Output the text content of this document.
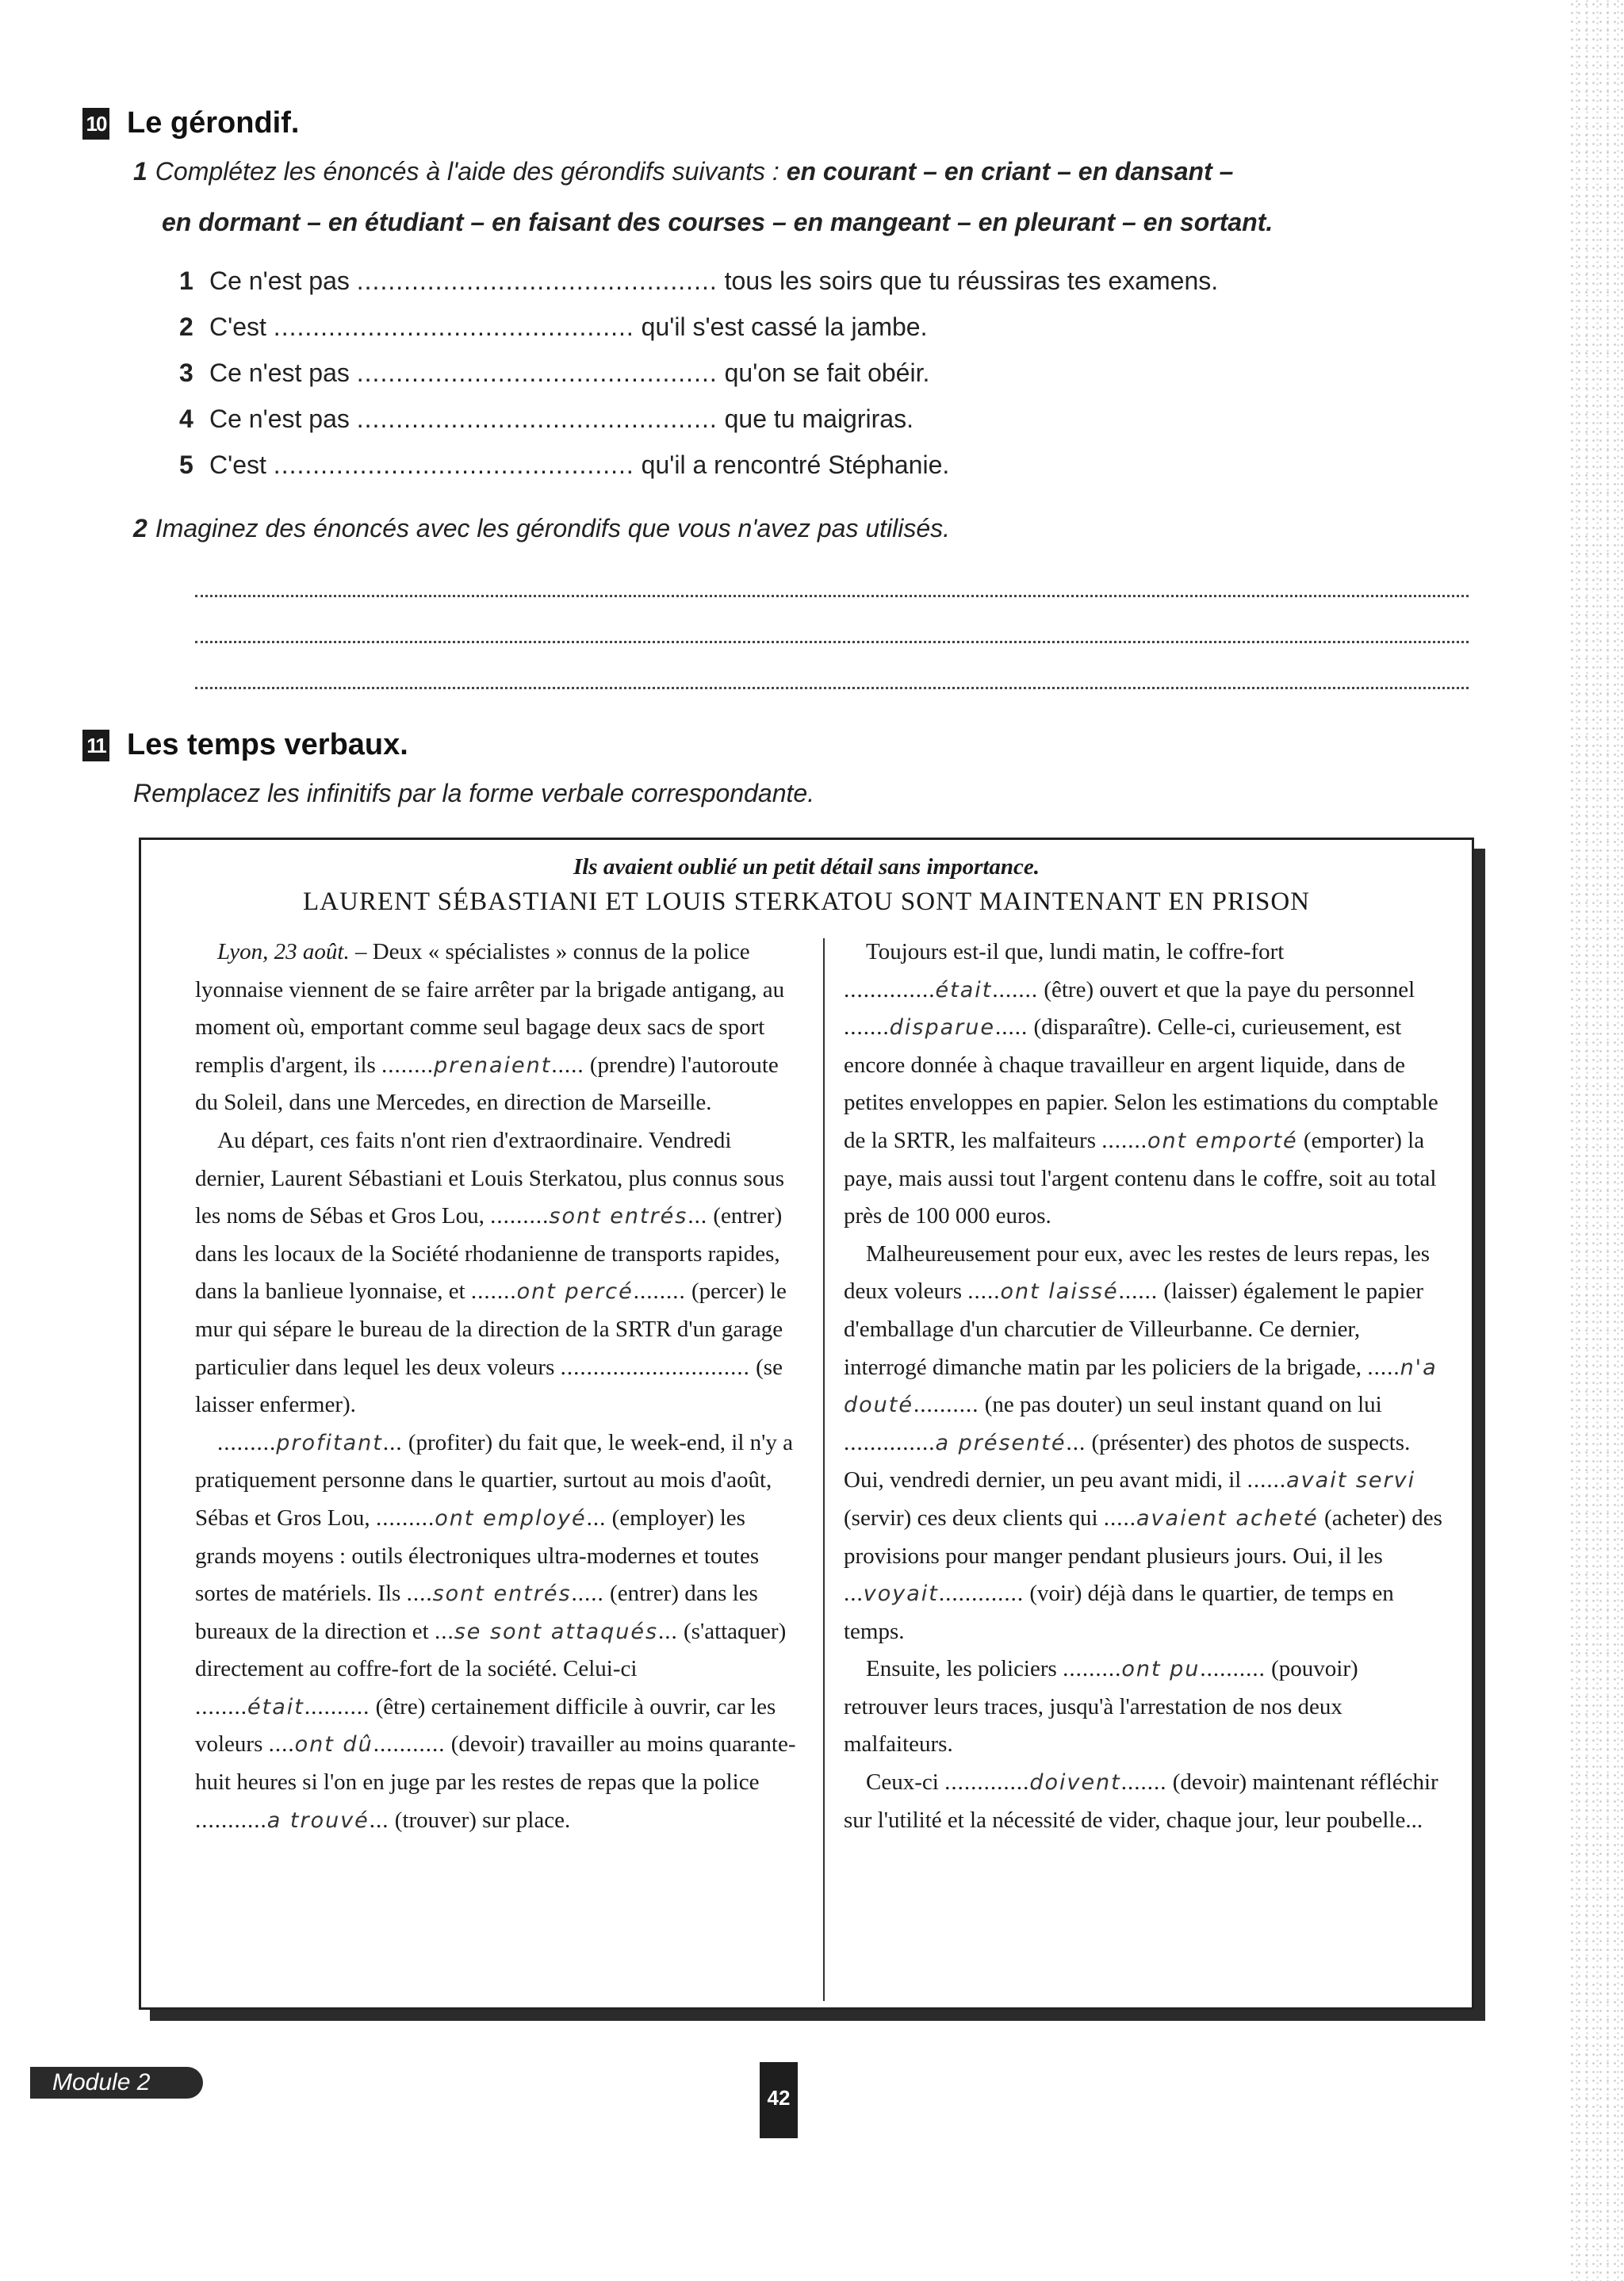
10 Le gérondif.
1 Complétez les énoncés à l'aide des gérondifs suivants : en courant – en criant – en dansant –
en dormant – en étudiant – en faisant des courses – en mangeant – en pleurant – en sortant.
1 Ce n'est pas .............................................. tous les soirs que tu réussiras tes examens.
2 C'est .............................................. qu'il s'est cassé la jambe.
3 Ce n'est pas .............................................. qu'on se fait obéir.
4 Ce n'est pas .............................................. que tu maigriras.
5 C'est .............................................. qu'il a rencontré Stéphanie.
2 Imaginez des énoncés avec les gérondifs que vous n'avez pas utilisés.
11 Les temps verbaux.
Remplacez les infinitifs par la forme verbale correspondante.
Ils avaient oublié un petit détail sans importance.
LAURENT SÉBASTIANI ET LOUIS STERKATOU SONT MAINTENANT EN PRISON

Lyon, 23 août. – Deux « spécialistes » connus de la police lyonnaise viennent de se faire arrêter par la brigade antigang, au moment où, emportant comme seul bagage deux sacs de sport remplis d'argent, ils ........prenaient..... (prendre) l'autoroute du Soleil, dans une Mercedes, en direction de Marseille.

Au départ, ces faits n'ont rien d'extraordinaire. Vendredi dernier, Laurent Sébastiani et Louis Sterkatou, plus connus sous les noms de Sébas et Gros Lou, .........sont entrés... (entrer) dans les locaux de la Société rhodanienne de transports rapides, dans la banlieue lyonnaise, et .......ont percé........ (percer) le mur qui sépare le bureau de la direction de la SRTR d'un garage particulier dans lequel les deux voleurs ............................. (se laisser enfermer).

.........profitant... (profiter) du fait que, le week-end, il n'y a pratiquement personne dans le quartier, surtout au mois d'août, Sébas et Gros Lou, .........ont employé... (employer) les grands moyens : outils électroniques ultra-modernes et toutes sortes de matériels. Ils ....sont entrés..... (entrer) dans les bureaux de la direction et ...se sont attaqués... (s'attaquer) directement au coffre-fort de la société. Celui-ci ........était.......... (être) certainement difficile à ouvrir, car les voleurs ....ont dû........... (devoir) travailler au moins quarante-huit heures si l'on en juge par les restes de repas que la police ...........a trouvé... (trouver) sur place.

Toujours est-il que, lundi matin, le coffre-fort ..............était....... (être) ouvert et que la paye du personnel .......disparue..... (disparaître). Celle-ci, curieusement, est encore donnée à chaque travailleur en argent liquide, dans de petites enveloppes en papier. Selon les estimations du comptable de la SRTR, les malfaiteurs .......ont emporté (emporter) la paye, mais aussi tout l'argent contenu dans le coffre, soit au total près de 100 000 euros.

Malheureusement pour eux, avec les restes de leurs repas, les deux voleurs .....ont laissé...... (laisser) également le papier d'emballage d'un charcutier de Villeurbanne. Ce dernier, interrogé dimanche matin par les policiers de la brigade, .....n'a douté.......... (ne pas douter) un seul instant quand on lui ..............a présenté... (présenter) des photos de suspects. Oui, vendredi dernier, un peu avant midi, il ......avait servi (servir) ces deux clients qui .....avaient acheté (acheter) des provisions pour manger pendant plusieurs jours. Oui, il les ...voyait............. (voir) déjà dans le quartier, de temps en temps.

Ensuite, les policiers .........ont pu.......... (pouvoir) retrouver leurs traces, jusqu'à l'arrestation de nos deux malfaiteurs.

Ceux-ci .............doivent....... (devoir) maintenant réfléchir sur l'utilité et la nécessité de vider, chaque jour, leur poubelle...

Module 2
42
